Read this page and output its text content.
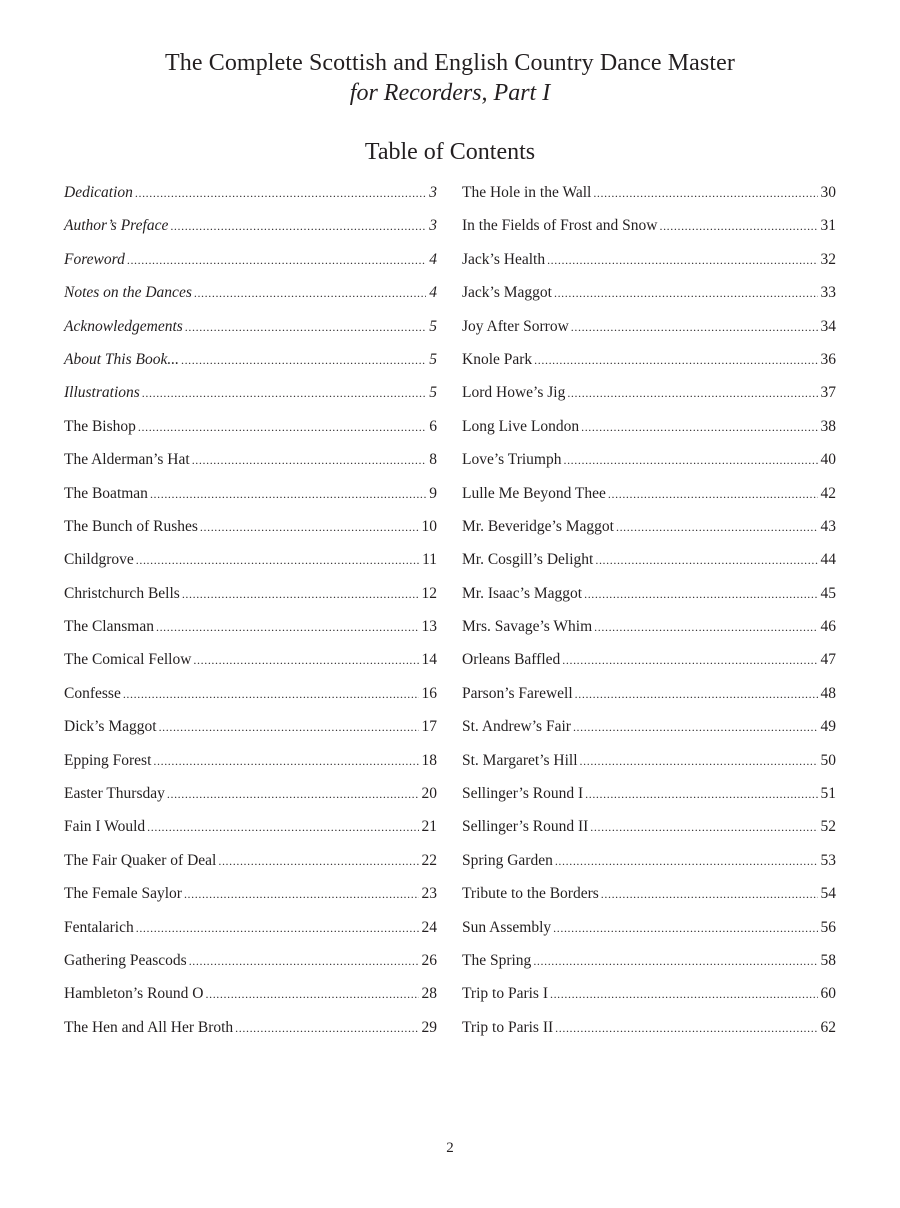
The Complete Scottish and English Country Dance Master
for Recorders, Part I
Table of Contents
Dedication .....	3
Author’s Preface .....	3
Foreword .....	4
Notes on the Dances .....	4
Acknowledgements .....	5
About This Book... .....	5
Illustrations .....	5
The Bishop .....	6
The Alderman’s Hat .....	8
The Boatman .....	9
The Bunch of Rushes .....	10
Childgrove .....	11
Christchurch Bells .....	12
The Clansman .....	13
The Comical Fellow .....	14
Confesse .....	16
Dick’s Maggot .....	17
Epping Forest .....	18
Easter Thursday .....	20
Fain I Would .....	21
The Fair Quaker of Deal .....	22
The Female Saylor .....	23
Fentalarich .....	24
Gathering Peascods .....	26
Hambleton’s Round O .....	28
The Hen and All Her Broth .....	29
The Hole in the Wall .....	30
In the Fields of Frost and Snow .....	31
Jack’s Health .....	32
Jack’s Maggot .....	33
Joy After Sorrow .....	34
Knole Park .....	36
Lord Howe’s Jig .....	37
Long Live London .....	38
Love’s Triumph .....	40
Lulle Me Beyond Thee .....	42
Mr. Beveridge’s Maggot .....	43
Mr. Cosgill’s Delight .....	44
Mr. Isaac’s Maggot .....	45
Mrs. Savage’s Whim .....	46
Orleans Baffled .....	47
Parson’s Farewell .....	48
St. Andrew’s Fair .....	49
St. Margaret’s Hill .....	50
Sellinger’s Round I .....	51
Sellinger’s Round II .....	52
Spring Garden .....	53
Tribute to the Borders .....	54
Sun Assembly .....	56
The Spring .....	58
Trip to Paris I .....	60
Trip to Paris II .....	62
2
